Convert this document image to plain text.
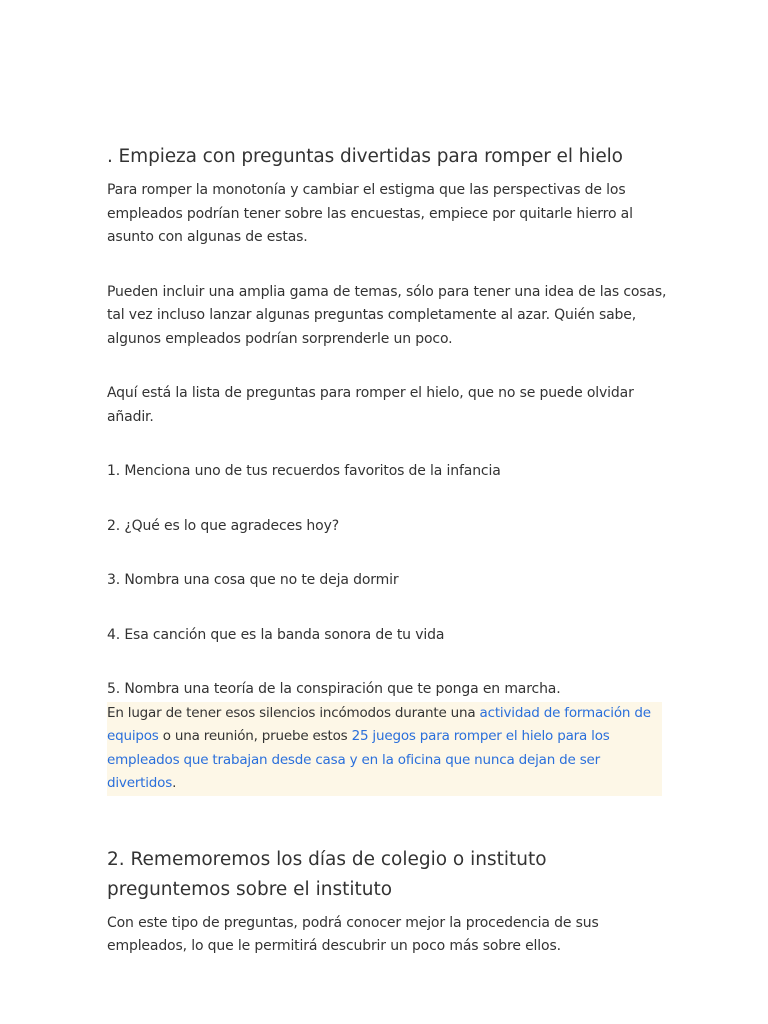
. Empieza con preguntas divertidas para romper el hielo

Para romper la monotonía y cambiar el estigma que las perspectivas de los empleados podrían tener sobre las encuestas, empiece por quitarle hierro al asunto con algunas de estas.

Pueden incluir una amplia gama de temas, sólo para tener una idea de las cosas, tal vez incluso lanzar algunas preguntas completamente al azar. Quién sabe, algunos empleados podrían sorprenderle un poco.

Aquí está la lista de preguntas para romper el hielo, que no se puede olvidar añadir.

1. Menciona uno de tus recuerdos favoritos de la infancia

2. ¿Qué es lo que agradeces hoy?

3. Nombra una cosa que no te deja dormir

4. Esa canción que es la banda sonora de tu vida

5. Nombra una teoría de la conspiración que te ponga en marcha.

En lugar de tener esos silencios incómodos durante una actividad de formación de equipos o una reunión, pruebe estos 25 juegos para romper el hielo para los empleados que trabajan desde casa y en la oficina que nunca dejan de ser divertidos.
2. Rememoremos los días de colegio o instituto preguntemos sobre el instituto

Con este tipo de preguntas, podrá conocer mejor la procedencia de sus empleados, lo que le permitirá descubrir un poco más sobre ellos.
